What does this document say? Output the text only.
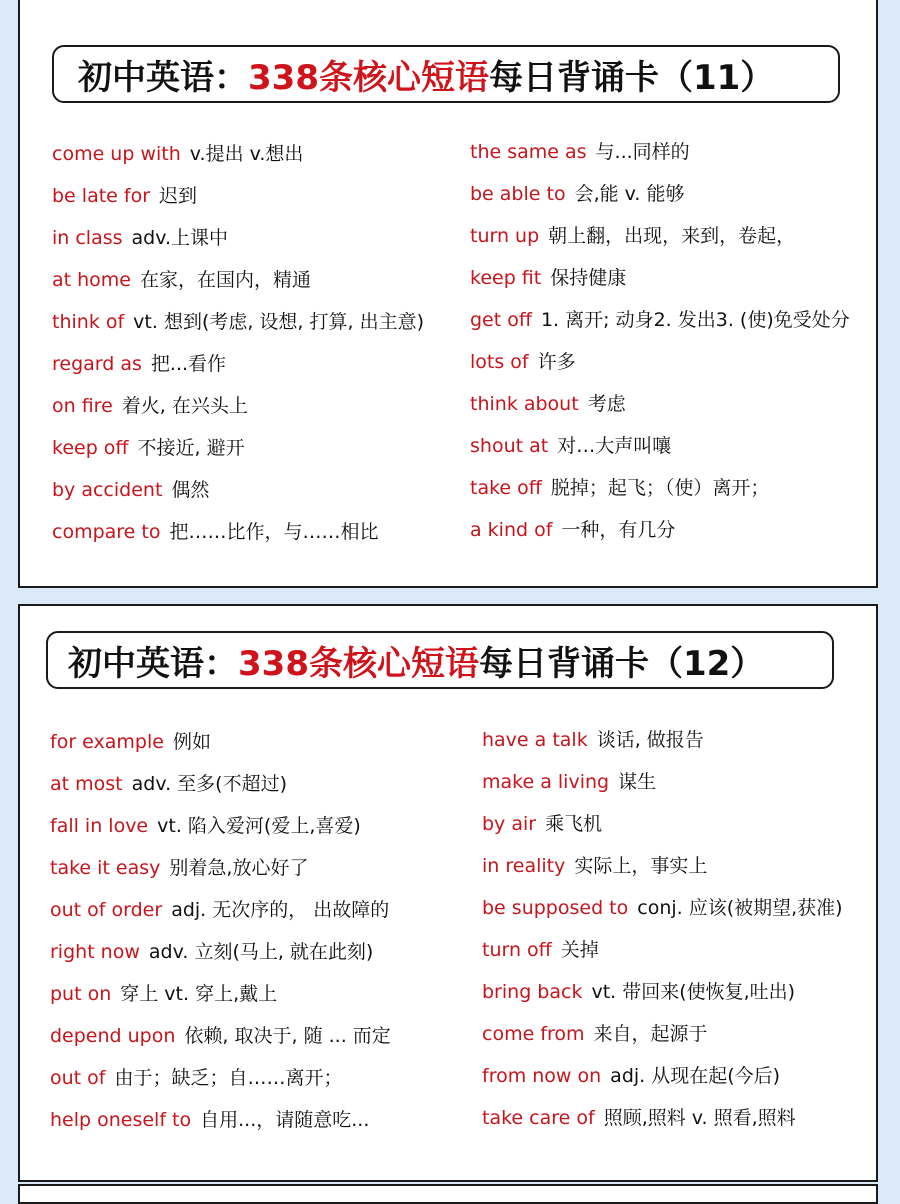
初中英语： 338条核心短语 每日背诵卡（11）
come up with v.提出 v.想出
be late for 迟到
in class adv.上课中
at home 在家，在国内，精通
think of vt. 想到(考虑, 设想, 打算, 出主意)
regard as 把...看作
on fire 着火, 在兴头上
keep off 不接近, 避开
by accident 偶然
compare to 把……比作，与……相比
the same as 与...同样的
be able to 会,能 v. 能够
turn up 朝上翻，出现，来到，卷起，
keep fit 保持健康
get off 1. 离开; 动身2. 发出3. (使)免受处分
lots of 许多
think about 考虑
shout at 对…大声叫嚷
take off 脱掉；起飞；（使）离开；
a kind of 一种，有几分
初中英语： 338条核心短语 每日背诵卡（12）
for example 例如
at most adv. 至多(不超过)
fall in love vt. 陷入爱河(爱上,喜爱)
take it easy 别着急,放心好了
out of order adj. 无次序的， 出故障的
right now adv. 立刻(马上, 就在此刻)
put on 穿上 vt. 穿上,戴上
depend upon 依赖, 取决于, 随 ... 而定
out of 由于；缺乏；自……离开；
help oneself to 自用...，请随意吃...
have a talk 谈话, 做报告
make a living 谋生
by air 乘飞机
in reality 实际上，事实上
be supposed to conj. 应该(被期望,获准)
turn off 关掉
bring back vt. 带回来(使恢复,吐出)
come from 来自，起源于
from now on adj. 从现在起(今后)
take care of 照顾,照料 v. 照看,照料
